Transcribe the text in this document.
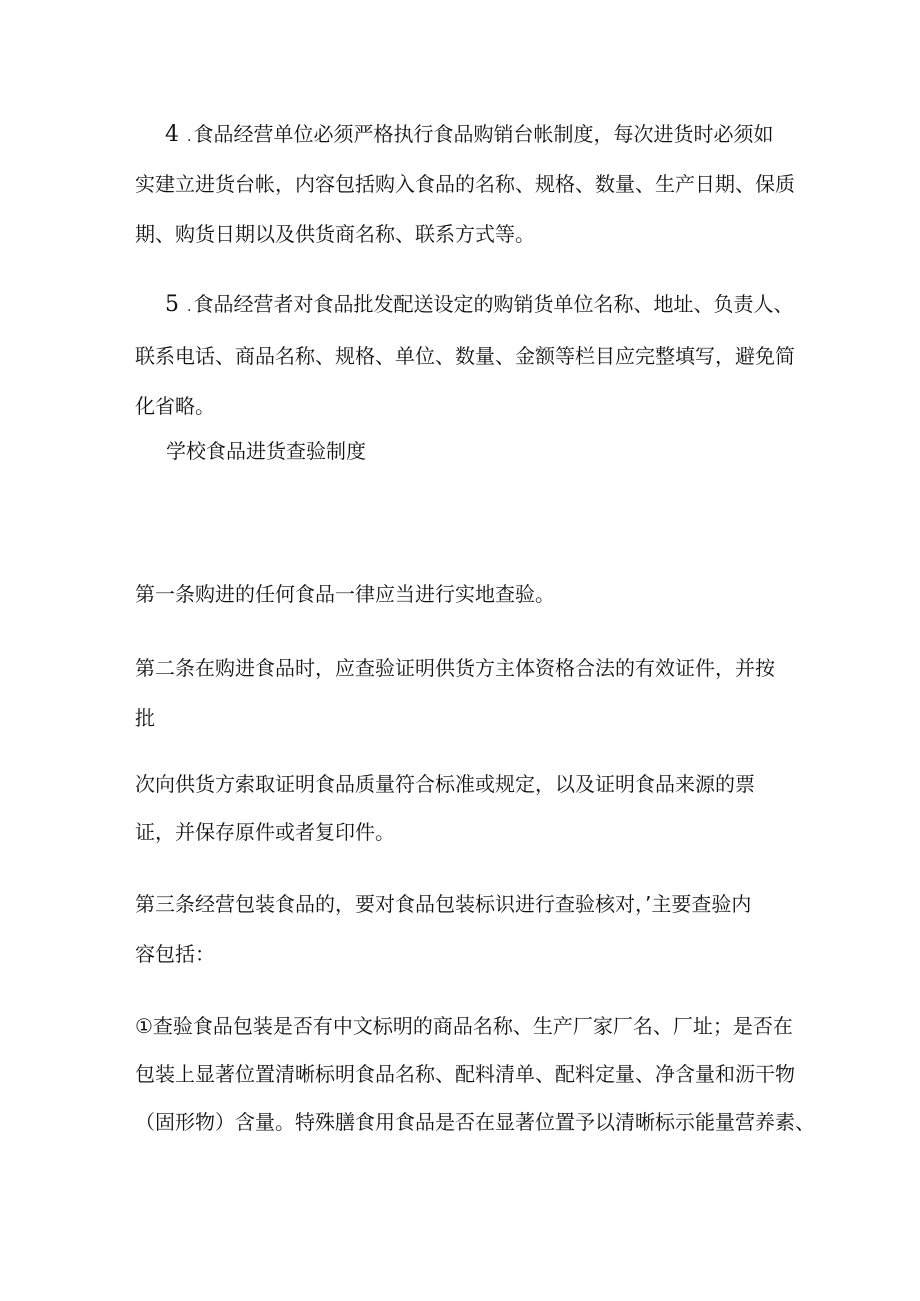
4 . 食品经营单位必须严格执行食品购销台帐制度，每次进货时必须如
实建立进货台帐，内容包括购入食品的名称、规格、数量、生产日期、保质
期、购货日期以及供货商名称、联系方式等。
5 . 食品经营者对食品批发配送设定的购销货单位名称、地址、负责人、
联系电话、商品名称、规格、单位、数量、金额等栏目应完整填写，避免简
化省略。
学校食品进货查验制度
第一条购进的任何食品一律应当进行实地查验。
第二条在购进食品时，应查验证明供货方主体资格合法的有效证件，并按
批
次向供货方索取证明食品质量符合标准或规定，以及证明食品来源的票
证，并保存原件或者复印件。
第三条经营包装食品的，要对食品包装标识进行查验核对，’主要查验内
容包括：
①查验食品包装是否有中文标明的商品名称、生产厂家厂名、厂址；是否在
包装上显著位置清晰标明食品名称、配料清单、配料定量、净含量和沥干物
（固形物）含量。特殊膳食用食品是否在显著位置予以清晰标示能量营养素、
